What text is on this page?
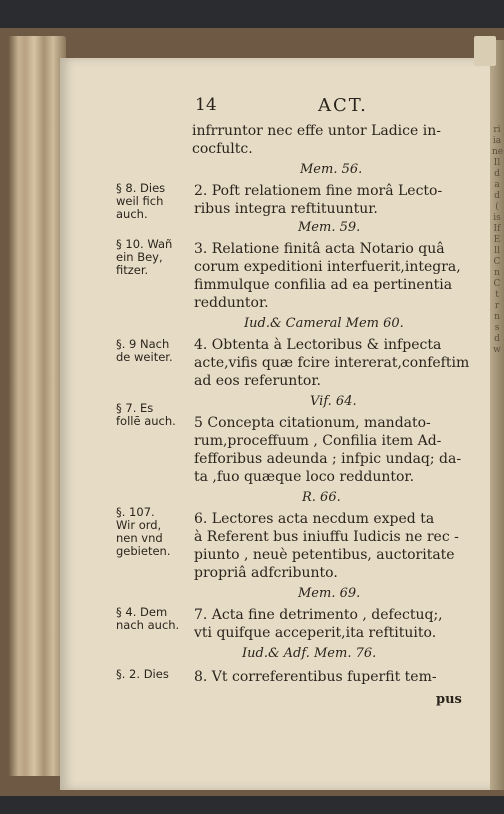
ri
ia
ne
Il
d
a
d
(
is
If
E
ll
C
n
C
t
r
n
s
d
w
14	ACT.
infrruntor nec effe untor Ladice in-
cocfultc.
Mem. 56.
2. Poft relationem fine morâ Lecto-
ribus integra reftituuntur.
Mem. 59.
3. Relatione finitâ acta Notario quâ
corum expeditioni interfuerit,integra,
fimmulque confilia ad ea pertinentia
redduntor.
Iud.& Cameral Mem 60.
4. Obtenta à Lectoribus & infpecta
acte,vifis quæ fcire intererat,confeftim
ad eos referuntor.
Vif. 64.
5 Concepta citationum, mandato-
rum,proceffuum , Confilia item Ad-
fefforibus adeunda ; infpic undaq; da-
ta ,fuo quæque loco redduntor.
R. 66.
6. Lectores acta necdum exped ta
à Referent bus iniuffu Iudicis ne rec -
piunto , neuè petentibus, auctoritate
propriâ adfcribunto.
Mem. 69.
7. Acta fine detrimento , defectuq;,
vti quifque acceperit,ita reftituito.
Iud.& Adf. Mem. 76.
8. Vt correferentibus fuperfit tem-
pus
§ 8. Dies
weil fich
auch.
§ 10. Wañ
ein Bey,
fitzer.
§. 9 Nach
de weiter.
§ 7. Es
follē auch.
§. 107.
Wir ord,
nen vnd
gebieten.
§ 4. Dem
nach auch.
§. 2. Dies
